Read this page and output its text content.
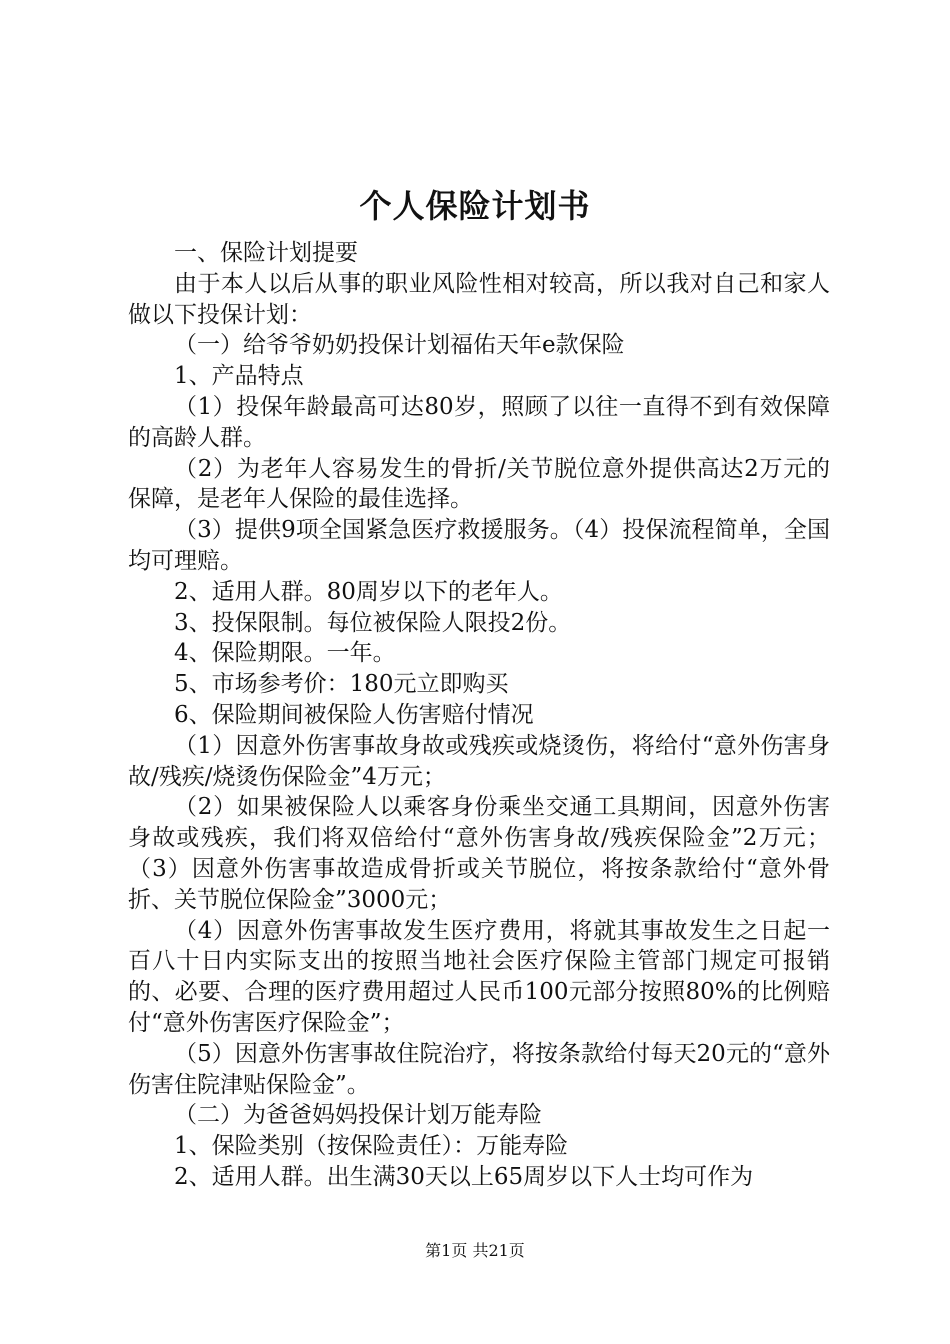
个人保险计划书

一、保险计划提要

由于本人以后从事的职业风险性相对较高，所以我对自己和家人做以下投保计划：

（一）给爷爷奶奶投保计划福佑天年e款保险

1、产品特点

（1）投保年龄最高可达80岁，照顾了以往一直得不到有效保障的高龄人群。

（2）为老年人容易发生的骨折/关节脱位意外提供高达2万元的保障，是老年人保险的最佳选择。

（3）提供9项全国紧急医疗救援服务。（4）投保流程简单，全国均可理赔。

2、适用人群。80周岁以下的老年人。

3、投保限制。每位被保险人限投2份。

4、保险期限。一年。

5、市场参考价：180元立即购买

6、保险期间被保险人伤害赔付情况

（1）因意外伤害事故身故或残疾或烧烫伤，将给付“意外伤害身故/残疾/烧烫伤保险金”4万元；

（2）如果被保险人以乘客身份乘坐交通工具期间，因意外伤害身故或残疾，我们将双倍给付“意外伤害身故/残疾保险金”2万元；（3）因意外伤害事故造成骨折或关节脱位，将按条款给付“意外骨折、关节脱位保险金”3000元；

（4）因意外伤害事故发生医疗费用，将就其事故发生之日起一百八十日内实际支出的按照当地社会医疗保险主管部门规定可报销的、必要、合理的医疗费用超过人民币100元部分按照80%的比例赔付“意外伤害医疗保险金”；

（5）因意外伤害事故住院治疗，将按条款给付每天20元的“意外伤害住院津贴保险金”。

（二）为爸爸妈妈投保计划万能寿险

1、保险类别（按保险责任）：万能寿险

2、适用人群。出生满30天以上65周岁以下人士均可作为

第1页 共21页
